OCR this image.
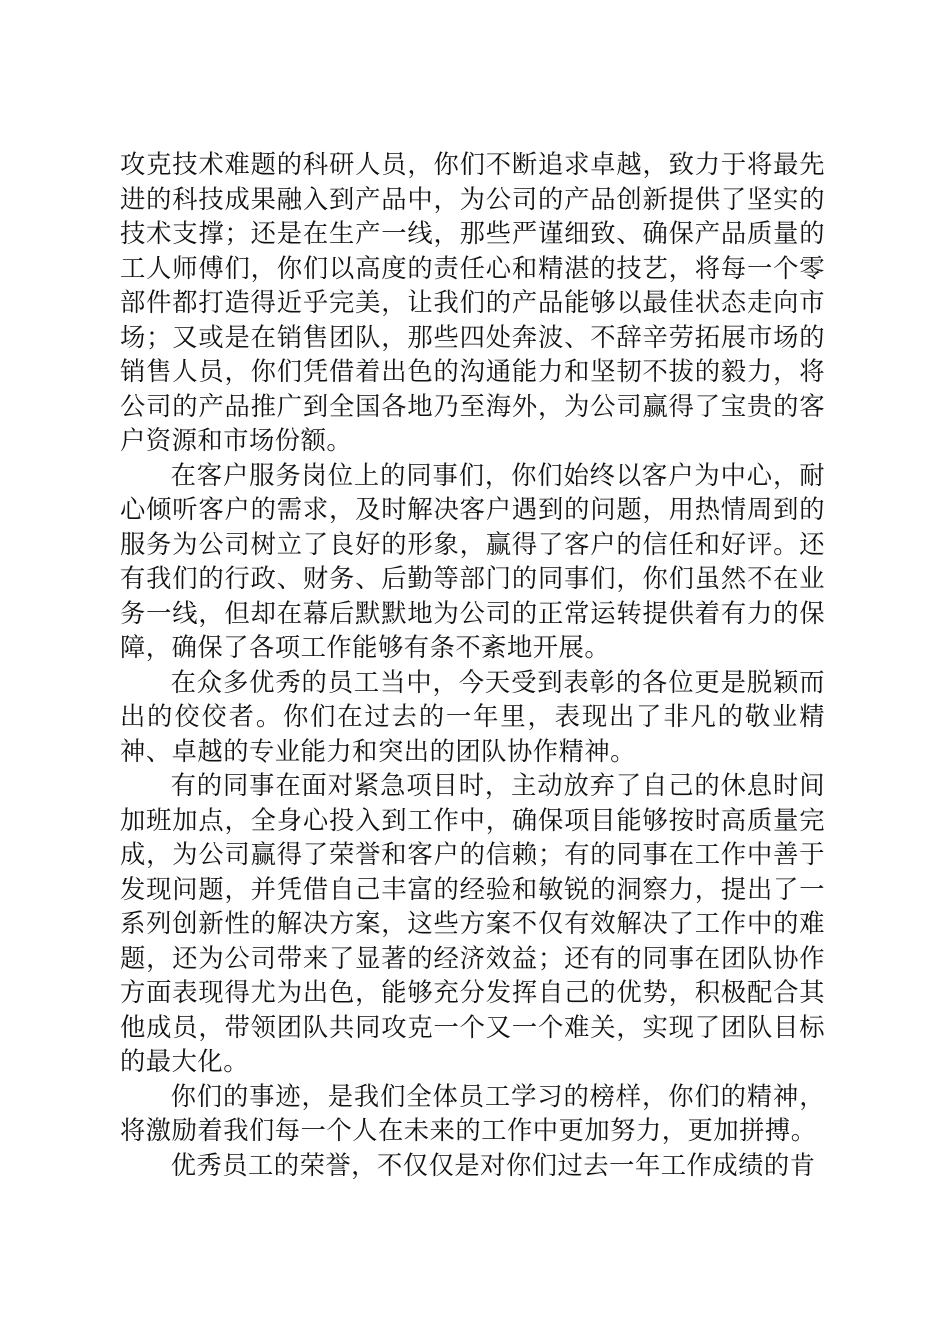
攻克技术难题的科研人员，你们不断追求卓越，致力于将最先进的科技成果融入到产品中，为公司的产品创新提供了坚实的技术支撑；还是在生产一线，那些严谨细致、确保产品质量的工人师傅们，你们以高度的责任心和精湛的技艺，将每一个零部件都打造得近乎完美，让我们的产品能够以最佳状态走向市场；又或是在销售团队，那些四处奔波、不辞辛劳拓展市场的销售人员，你们凭借着出色的沟通能力和坚韧不拔的毅力，将公司的产品推广到全国各地乃至海外，为公司赢得了宝贵的客户资源和市场份额。

在客户服务岗位上的同事们，你们始终以客户为中心，耐心倾听客户的需求，及时解决客户遇到的问题，用热情周到的服务为公司树立了良好的形象，赢得了客户的信任和好评。还有我们的行政、财务、后勤等部门的同事们，你们虽然不在业务一线，但却在幕后默默地为公司的正常运转提供着有力的保障，确保了各项工作能够有条不紊地开展。

在众多优秀的员工当中，今天受到表彰的各位更是脱颖而出的佼佼者。你们在过去的一年里，表现出了非凡的敬业精神、卓越的专业能力和突出的团队协作精神。

有的同事在面对紧急项目时，主动放弃了自己的休息时间加班加点，全身心投入到工作中，确保项目能够按时高质量完成，为公司赢得了荣誉和客户的信赖；有的同事在工作中善于发现问题，并凭借自己丰富的经验和敏锐的洞察力，提出了一系列创新性的解决方案，这些方案不仅有效解决了工作中的难题，还为公司带来了显著的经济效益；还有的同事在团队协作方面表现得尤为出色，能够充分发挥自己的优势，积极配合其他成员，带领团队共同攻克一个又一个难关，实现了团队目标的最大化。

你们的事迹，是我们全体员工学习的榜样，你们的精神，将激励着我们每一个人在未来的工作中更加努力，更加拼搏。

优秀员工的荣誉，不仅仅是对你们过去一年工作成绩的肯
